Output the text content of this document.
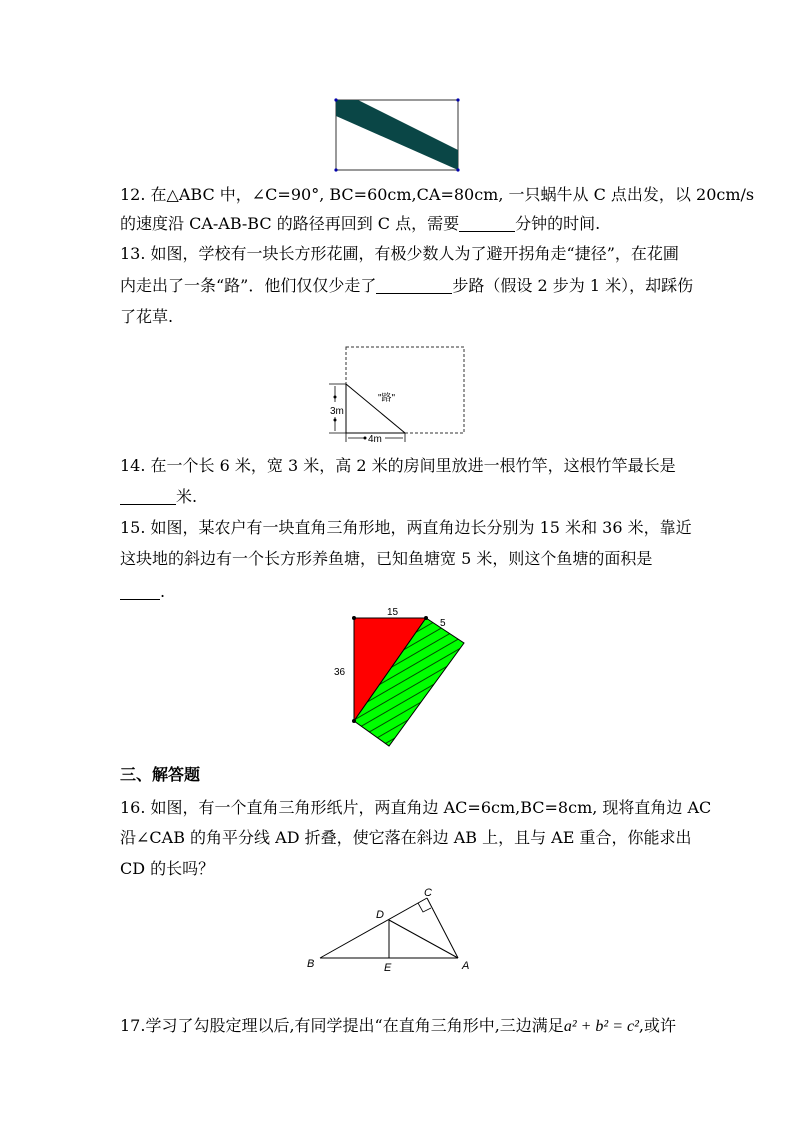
12. 在△ABC 中，∠C=90°, BC=60cm,CA=80cm, 一只蜗牛从 C 点出发，以 20cm/s
的速度沿 CA-AB-BC 的路径再回到 C 点，需要	分钟的时间.
13. 如图，学校有一块长方形花圃，有极少数人为了避开拐角走“捷径”，在花圃
内走出了一条“路”．他们仅仅少走了	步路（假设 2 步为 1 米），却踩伤
了花草.
"路"
3m
4m
14. 在一个长 6 米，宽 3 米，高 2 米的房间里放进一根竹竿，这根竹竿最长是
米.
15. 如图，某农户有一块直角三角形地，两直角边长分别为 15 米和 36 米，靠近
这块地的斜边有一个长方形养鱼塘，已知鱼塘宽 5 米，则这个鱼塘的面积是
.
15
5
36
三、解答题
16. 如图，有一个直角三角形纸片，两直角边 AC=6cm,BC=8cm, 现将直角边 AC
沿∠CAB 的角平分线 AD 折叠，使它落在斜边 AB 上，且与 AE 重合，你能求出
CD 的长吗？
B	A
C
D
E
17.学习了勾股定理以后,有同学提出“在直角三角形中,三边满足a² + b² = c²,或许
